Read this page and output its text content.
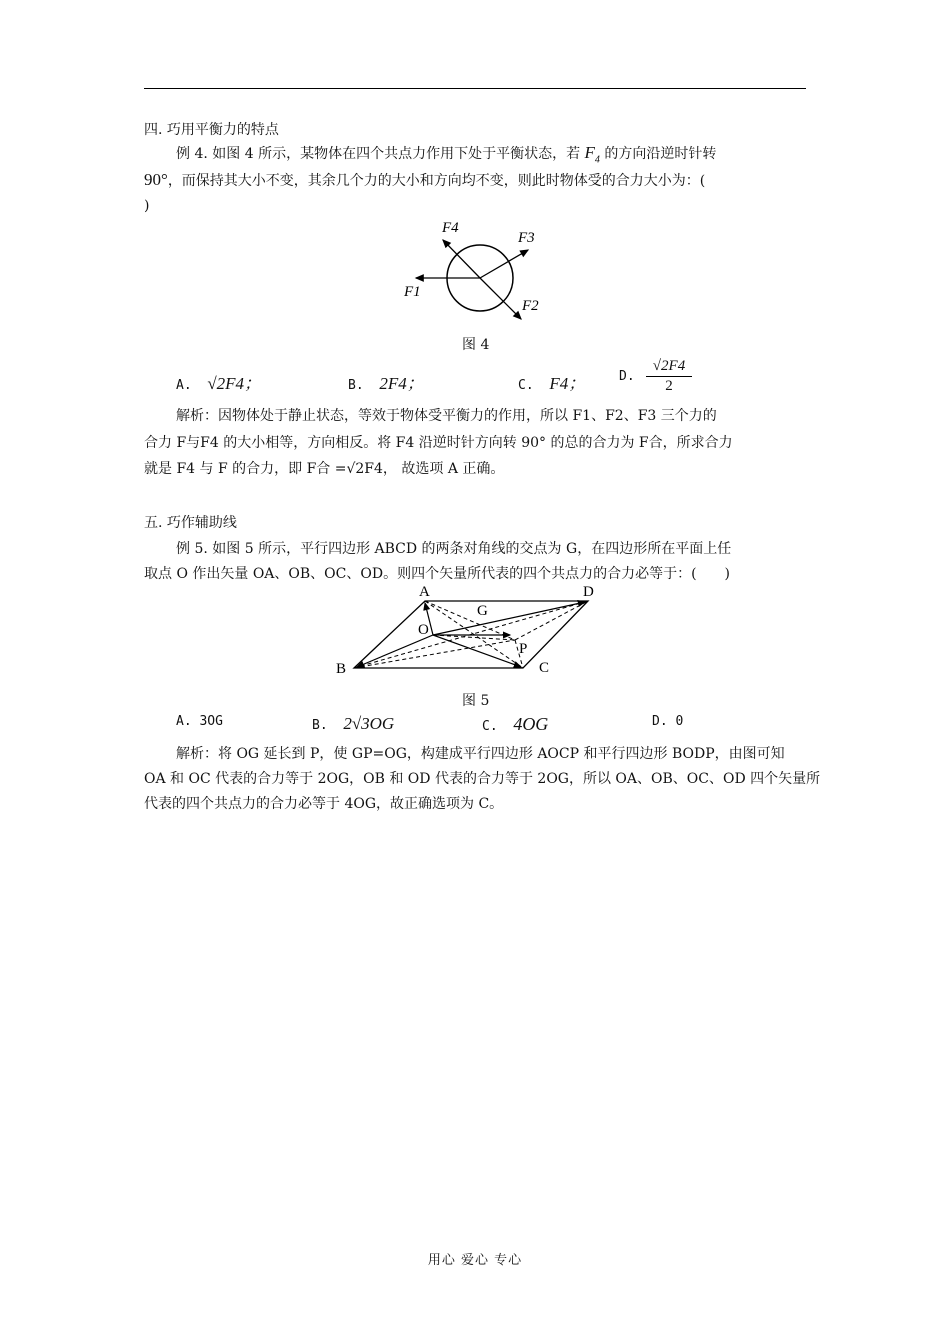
四. 巧用平衡力的特点
例 4. 如图 4 所示，某物体在四个共点力作用下处于平衡状态，若 $F_4$ 的方向沿逆时针转
90°，而保持其大小不变，其余几个力的大小和方向均不变，则此时物体受的合力大小为：(
)
F1
F2
F3
F4
图 4
A. √2F4；	B. 2F4；	C. F4；	D. $\frac{√2F4}{2}$
解析：因物体处于静止状态，等效于物体受平衡力的作用，所以 F1、F2、F3 三个力的
合力 F与F4 的大小相等，方向相反。将 F4 沿逆时针方向转 90° 的总的合力为 F合，所求合力
就是 F4 与 F 的合力，即 F合 =√2F4， 故选项 A 正确。
五. 巧作辅助线
例 5. 如图 5 所示，平行四边形 ABCD 的两条对角线的交点为 G，在四边形所在平面上任
取点 O 作出矢量 OA、OB、OC、OD。则四个矢量所代表的四个共点力的合力必等于：(　　)
A	D
B	C
G
O
P
图 5
A. 3OG	B. 2√3OG	C. 4OG	D. 0
解析：将 OG 延长到 P，使 GP=OG，构建成平行四边形 AOCP 和平行四边形 BODP，由图可知
OA 和 OC 代表的合力等于 2OG，OB 和 OD 代表的合力等于 2OG，所以 OA、OB、OC、OD 四个矢量所
代表的四个共点力的合力必等于 4OG，故正确选项为 C。
用心 爱心 专心
